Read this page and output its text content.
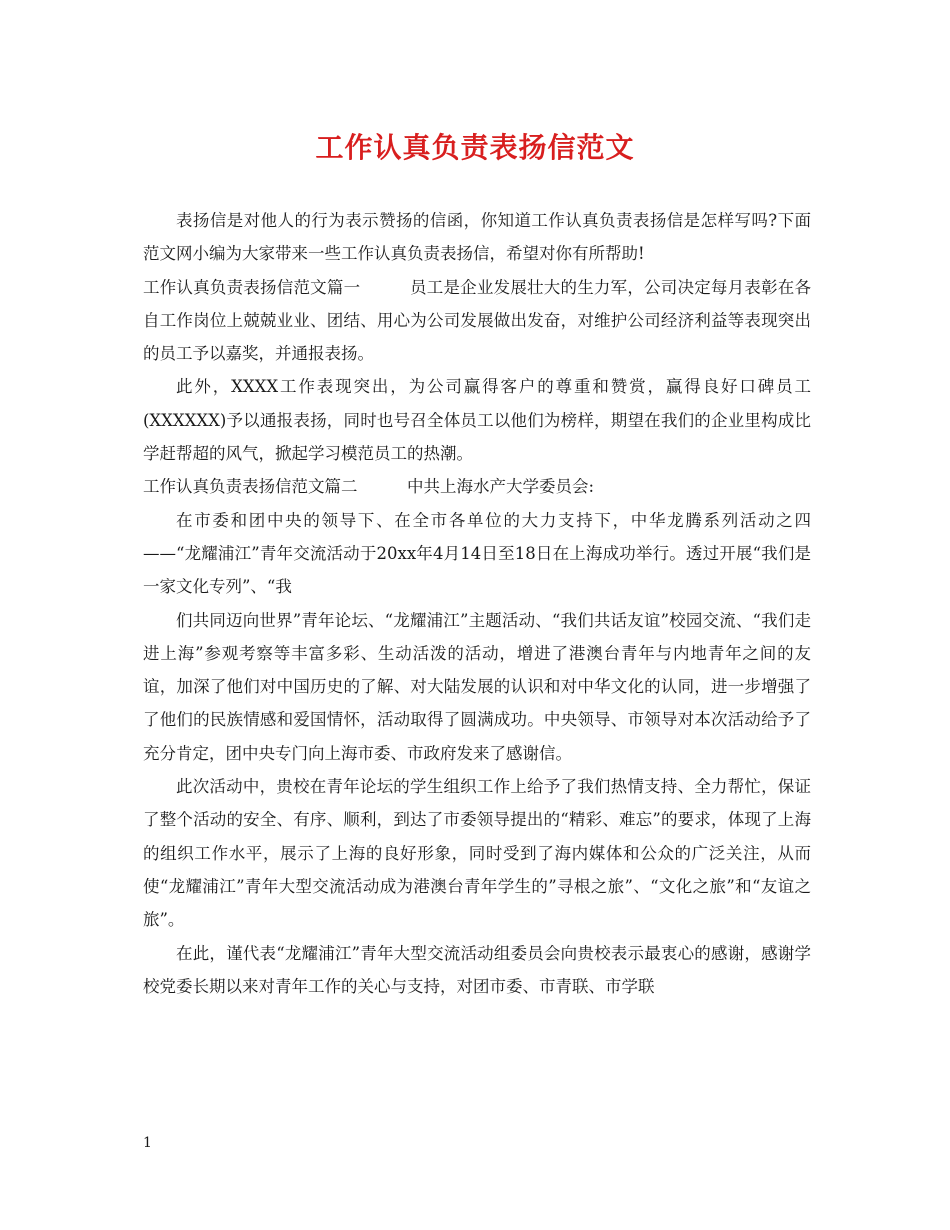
工作认真负责表扬信范文

表扬信是对他人的行为表示赞扬的信函，你知道工作认真负责表扬信是怎样写吗?下面范文网小编为大家带来一些工作认真负责表扬信，希望对你有所帮助!

工作认真负责表扬信范文篇一	员工是企业发展壮大的生力军，公司决定每月表彰在各自工作岗位上兢兢业业、团结、用心为公司发展做出发奋，对维护公司经济利益等表现突出的员工予以嘉奖，并通报表扬。

此外，XXXX工作表现突出，为公司赢得客户的尊重和赞赏，赢得良好口碑员工(XXXXXX)予以通报表扬，同时也号召全体员工以他们为榜样，期望在我们的企业里构成比学赶帮超的风气，掀起学习模范员工的热潮。

工作认真负责表扬信范文篇二	中共上海水产大学委员会:

在市委和团中央的领导下、在全市各单位的大力支持下，中华龙腾系列活动之四——“龙耀浦江”青年交流活动于20xx年4月14日至18日在上海成功举行。透过开展“我们是一家文化专列”、“我

们共同迈向世界”青年论坛、“龙耀浦江”主题活动、“我们共话友谊”校园交流、“我们走进上海”参观考察等丰富多彩、生动活泼的活动，增进了港澳台青年与内地青年之间的友谊，加深了他们对中国历史的了解、对大陆发展的认识和对中华文化的认同，进一步增强了了他们的民族情感和爱国情怀，活动取得了圆满成功。中央领导、市领导对本次活动给予了充分肯定，团中央专门向上海市委、市政府发来了感谢信。

此次活动中，贵校在青年论坛的学生组织工作上给予了我们热情支持、全力帮忙，保证了整个活动的安全、有序、顺利，到达了市委领导提出的“精彩、难忘”的要求，体现了上海的组织工作水平，展示了上海的良好形象，同时受到了海内媒体和公众的广泛关注，从而使“龙耀浦江”青年大型交流活动成为港澳台青年学生的”寻根之旅”、“文化之旅”和“友谊之旅”。

在此，谨代表“龙耀浦江”青年大型交流活动组委员会向贵校表示最衷心的感谢，感谢学校党委长期以来对青年工作的关心与支持，对团市委、市青联、市学联

1
